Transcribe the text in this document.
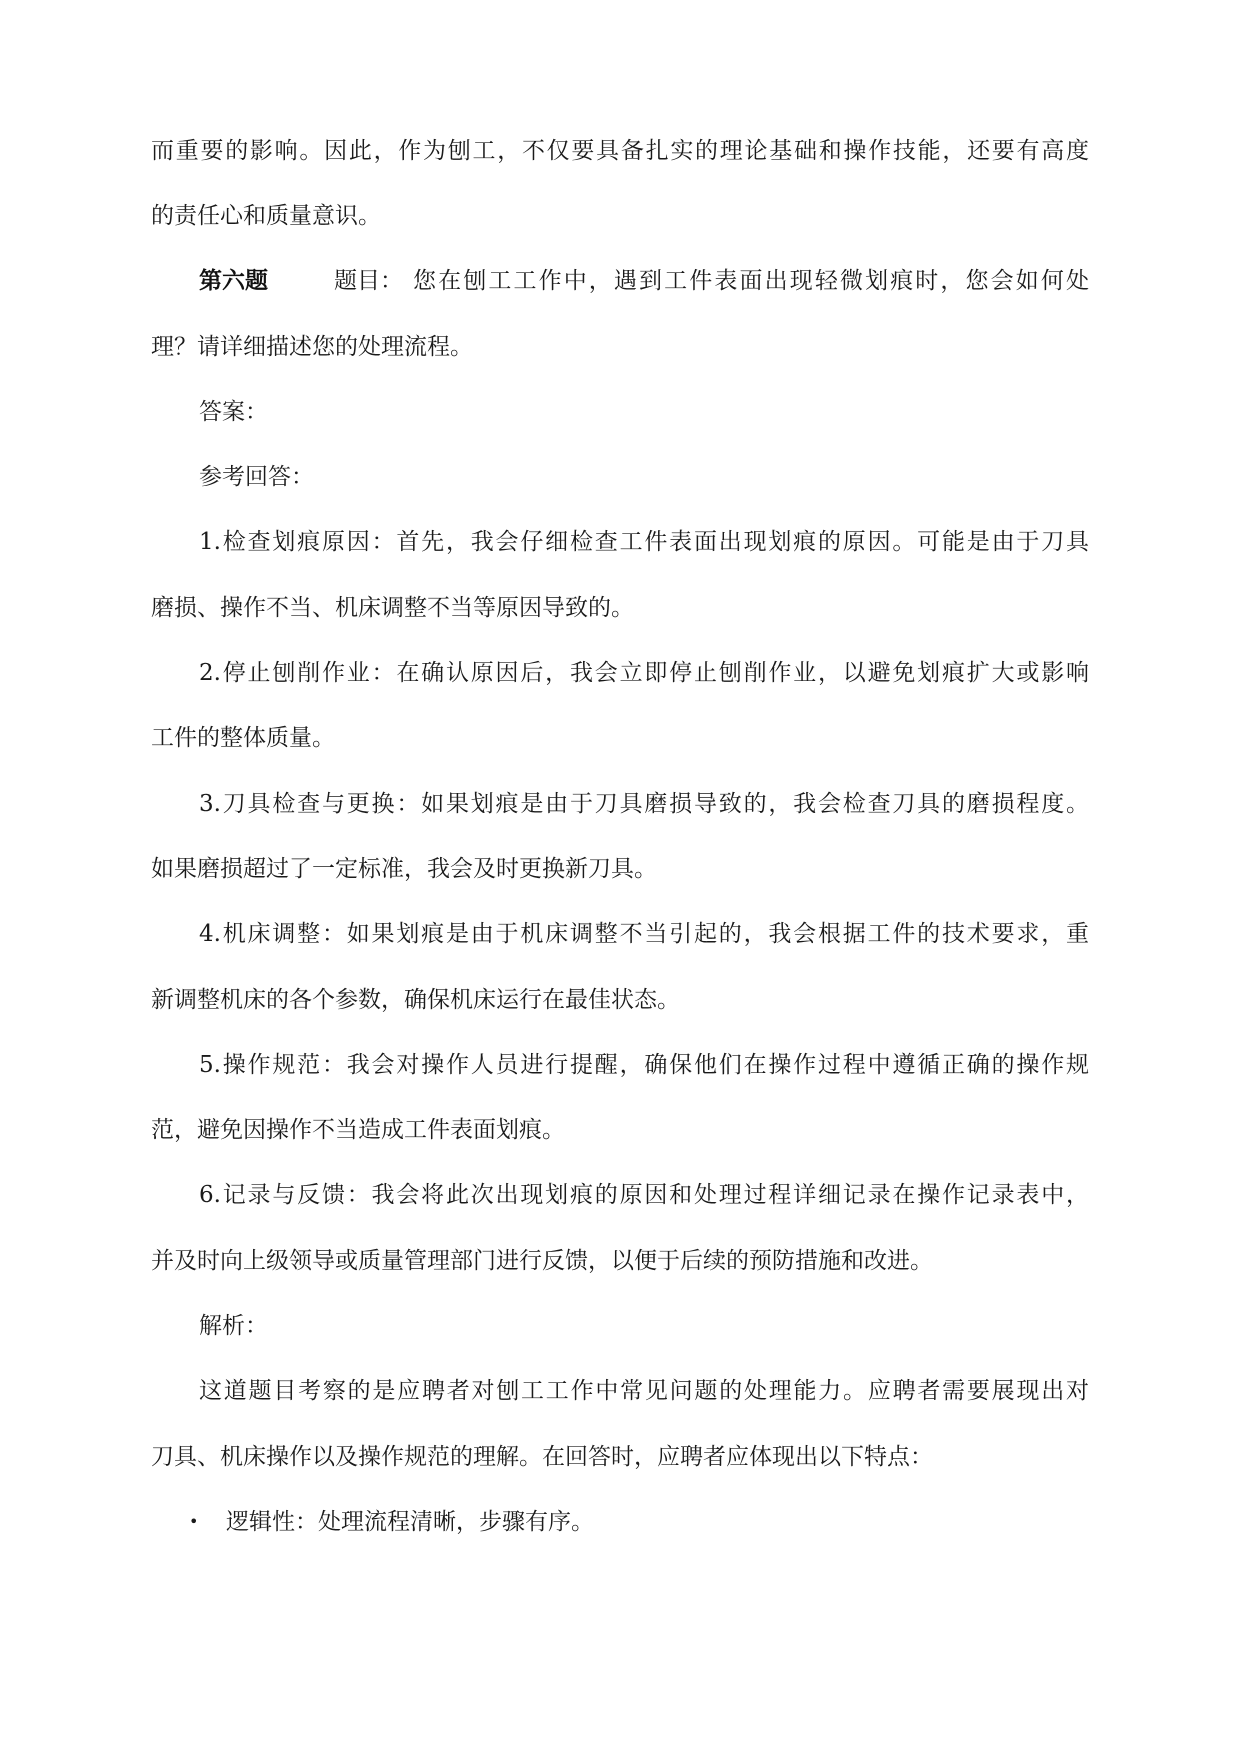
而重要的影响。因此，作为刨工，不仅要具备扎实的理论基础和操作技能，还要有高度
的责任心和质量意识。
第六题	题目： 您在刨工工作中，遇到工件表面出现轻微划痕时，您会如何处
理？请详细描述您的处理流程。
答案：
参考回答：
1.检查划痕原因：首先，我会仔细检查工件表面出现划痕的原因。可能是由于刀具
磨损、操作不当、机床调整不当等原因导致的。
2.停止刨削作业：在确认原因后，我会立即停止刨削作业，以避免划痕扩大或影响
工件的整体质量。
3.刀具检查与更换：如果划痕是由于刀具磨损导致的，我会检查刀具的磨损程度。
如果磨损超过了一定标准，我会及时更换新刀具。
4.机床调整：如果划痕是由于机床调整不当引起的，我会根据工件的技术要求，重
新调整机床的各个参数，确保机床运行在最佳状态。
5.操作规范：我会对操作人员进行提醒，确保他们在操作过程中遵循正确的操作规
范，避免因操作不当造成工件表面划痕。
6.记录与反馈：我会将此次出现划痕的原因和处理过程详细记录在操作记录表中，
并及时向上级领导或质量管理部门进行反馈，以便于后续的预防措施和改进。
解析：
这道题目考察的是应聘者对刨工工作中常见问题的处理能力。应聘者需要展现出对
刀具、机床操作以及操作规范的理解。在回答时，应聘者应体现出以下特点：
• 逻辑性：处理流程清晰，步骤有序。
